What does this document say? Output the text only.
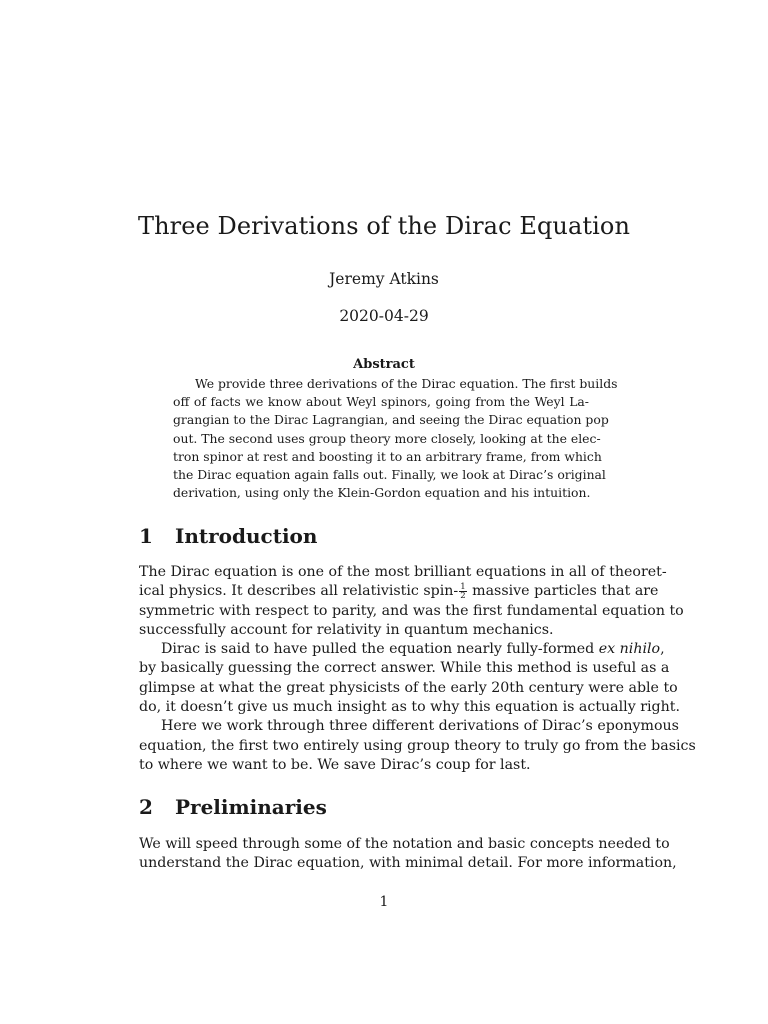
Three Derivations of the Dirac Equation
Jeremy Atkins
2020-04-29
Abstract
We provide three derivations of the Dirac equation. The first builds
off of facts we know about Weyl spinors, going from the Weyl La-
grangian to the Dirac Lagrangian, and seeing the Dirac equation pop
out. The second uses group theory more closely, looking at the elec-
tron spinor at rest and boosting it to an arbitrary frame, from which
the Dirac equation again falls out. Finally, we look at Dirac’s original
derivation, using only the Klein-Gordon equation and his intuition.
1 Introduction
The Dirac equation is one of the most brilliant equations in all of theoret-
ical physics. It describes all relativistic spin- $\frac{1}{2}$ massive particles that are
symmetric with respect to parity, and was the first fundamental equation to
successfully account for relativity in quantum mechanics.
Dirac is said to have pulled the equation nearly fully-formed ex nihilo,
by basically guessing the correct answer. While this method is useful as a
glimpse at what the great physicists of the early 20th century were able to
do, it doesn’t give us much insight as to why this equation is actually right.
Here we work through three different derivations of Dirac’s eponymous
equation, the first two entirely using group theory to truly go from the basics
to where we want to be. We save Dirac’s coup for last.
2 Preliminaries
We will speed through some of the notation and basic concepts needed to
understand the Dirac equation, with minimal detail. For more information,
1
